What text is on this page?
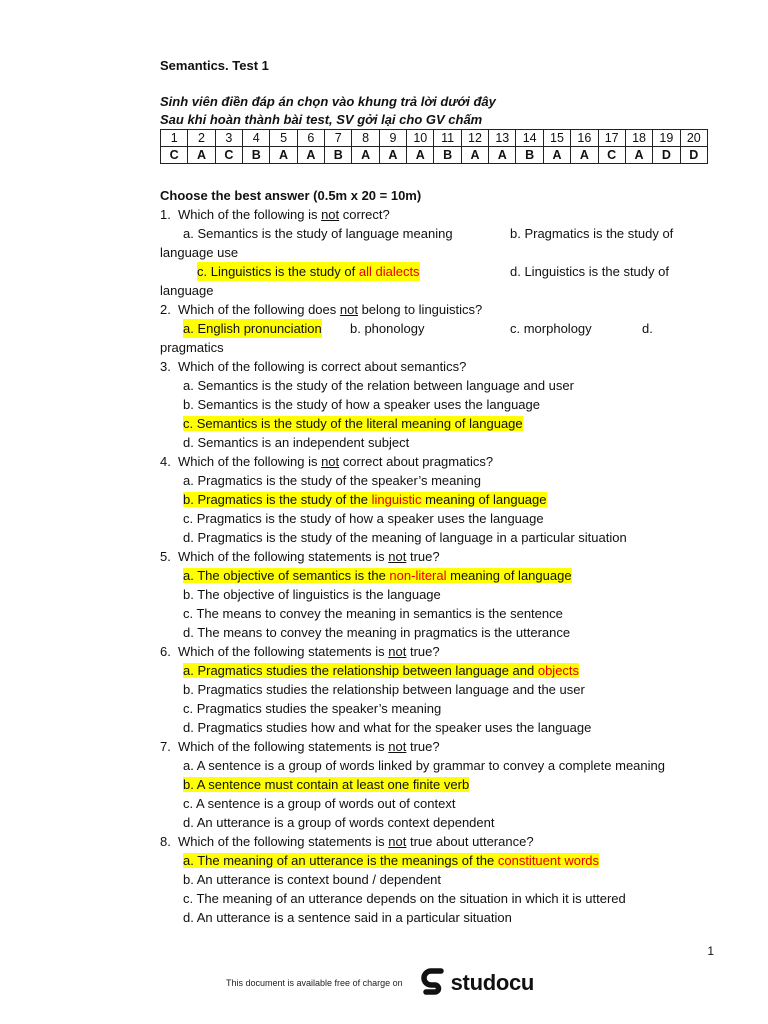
Semantics. Test 1
Sinh viên điền đáp án chọn vào khung trả lời dưới đây
Sau khi hoàn thành bài test, SV gởi lại cho GV chấm
1	2	3	4	5	6	7	8	9	10	11	12	13	14	15	16	17	18	19	20
C	A	C	B	A	A	B	A	A	A	B	A	A	B	A	A	C	A	D	D
Choose the best answer (0.5m x 20 = 10m)
1. Which of the following is not correct?
a. Semantics is the study of language meaning	b. Pragmatics is the study of
language use
c. Linguistics is the study of all dialects	d. Linguistics is the study of
language
2. Which of the following does not belong to linguistics?
a. English pronunciation b. phonology	c. morphology	d.
pragmatics
3. Which of the following is correct about semantics?
a. Semantics is the study of the relation between language and user
b. Semantics is the study of how a speaker uses the language
c. Semantics is the study of the literal meaning of language
d. Semantics is an independent subject
4. Which of the following is not correct about pragmatics?
a. Pragmatics is the study of the speaker’s meaning
b. Pragmatics is the study of the linguistic meaning of language
c. Pragmatics is the study of how a speaker uses the language
d. Pragmatics is the study of the meaning of language in a particular situation
5. Which of the following statements is not true?
a. The objective of semantics is the non-literal meaning of language
b. The objective of linguistics is the language
c. The means to convey the meaning in semantics is the sentence
d. The means to convey the meaning in pragmatics is the utterance
6. Which of the following statements is not true?
a. Pragmatics studies the relationship between language and objects
b. Pragmatics studies the relationship between language and the user
c. Pragmatics studies the speaker’s meaning
d. Pragmatics studies how and what for the speaker uses the language
7. Which of the following statements is not true?
a. A sentence is a group of words linked by grammar to convey a complete meaning
b. A sentence must contain at least one finite verb
c. A sentence is a group of words out of context
d. An utterance is a group of words context dependent
8. Which of the following statements is not true about utterance?
a. The meaning of an utterance is the meanings of the constituent words
b. An utterance is context bound / dependent
c. The meaning of an utterance depends on the situation in which it is uttered
d. An utterance is a sentence said in a particular situation
1
This document is available free of charge on studocu
